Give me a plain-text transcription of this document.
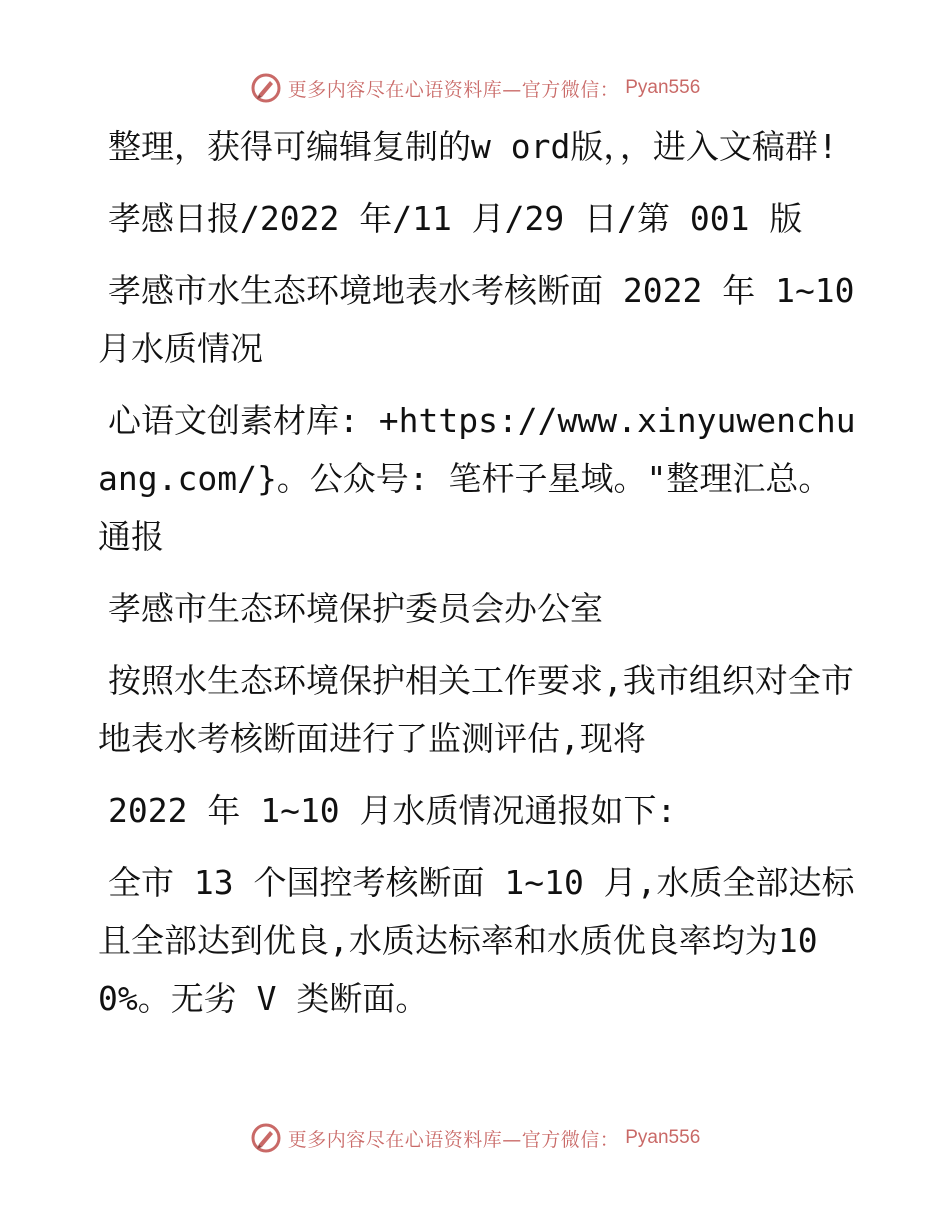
更多内容尽在心语资料库—官方微信： Pyan556

整理，获得可编辑复制的w ord版，，进入文稿群!

孝感日报/2022 年/11 月/29 日/第 001 版

孝感市水生态环境地表水考核断面 2022 年 1~10 月水质情况

心语文创素材库: +https://www.xinyuwenchuang.com/}。公众号: 笔杆子星域。"整理汇总。通报

孝感市生态环境保护委员会办公室

按照水生态环境保护相关工作要求,我市组织对全市地表水考核断面进行了监测评估,现将

2022 年 1~10 月水质情况通报如下:

全市 13 个国控考核断面 1~10 月,水质全部达标且全部达到优良,水质达标率和水质优良率均为100%。无劣 V 类断面。

更多内容尽在心语资料库—官方微信： Pyan556
